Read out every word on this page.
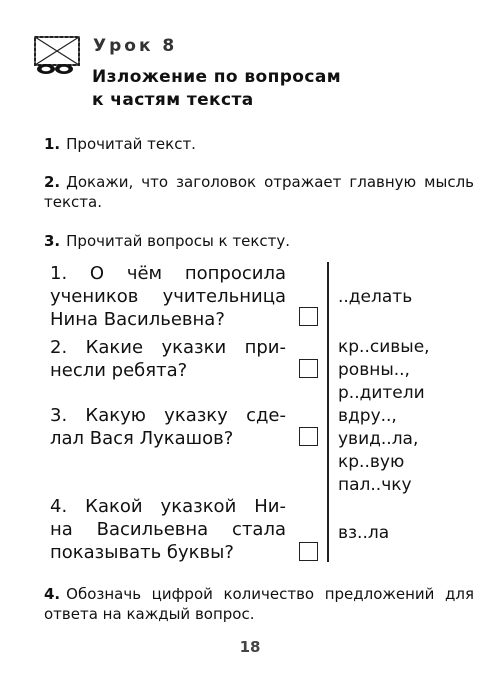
Урок 8
Изложение по вопросам
к частям текста
1. Прочитай текст.
2. Докажи, что заголовок отражает главную мысль текста.
3. Прочитай вопросы к тексту.
1. О чём попросила
учеников учительница
Нина Васильевна?
2. Какие указки при-
несли ребята?
3. Какую указку сде-
лал Вася Лукашов?
4. Какой указкой Ни-
на Васильевна стала
показывать буквы?
..делать
кр..сивые,
ровны..,
р..дители
вдру..,
увид..ла,
кр..вую
пал..чку
вз..ла
4. Обозначь цифрой количество предложений для ответа на каждый вопрос.
18
